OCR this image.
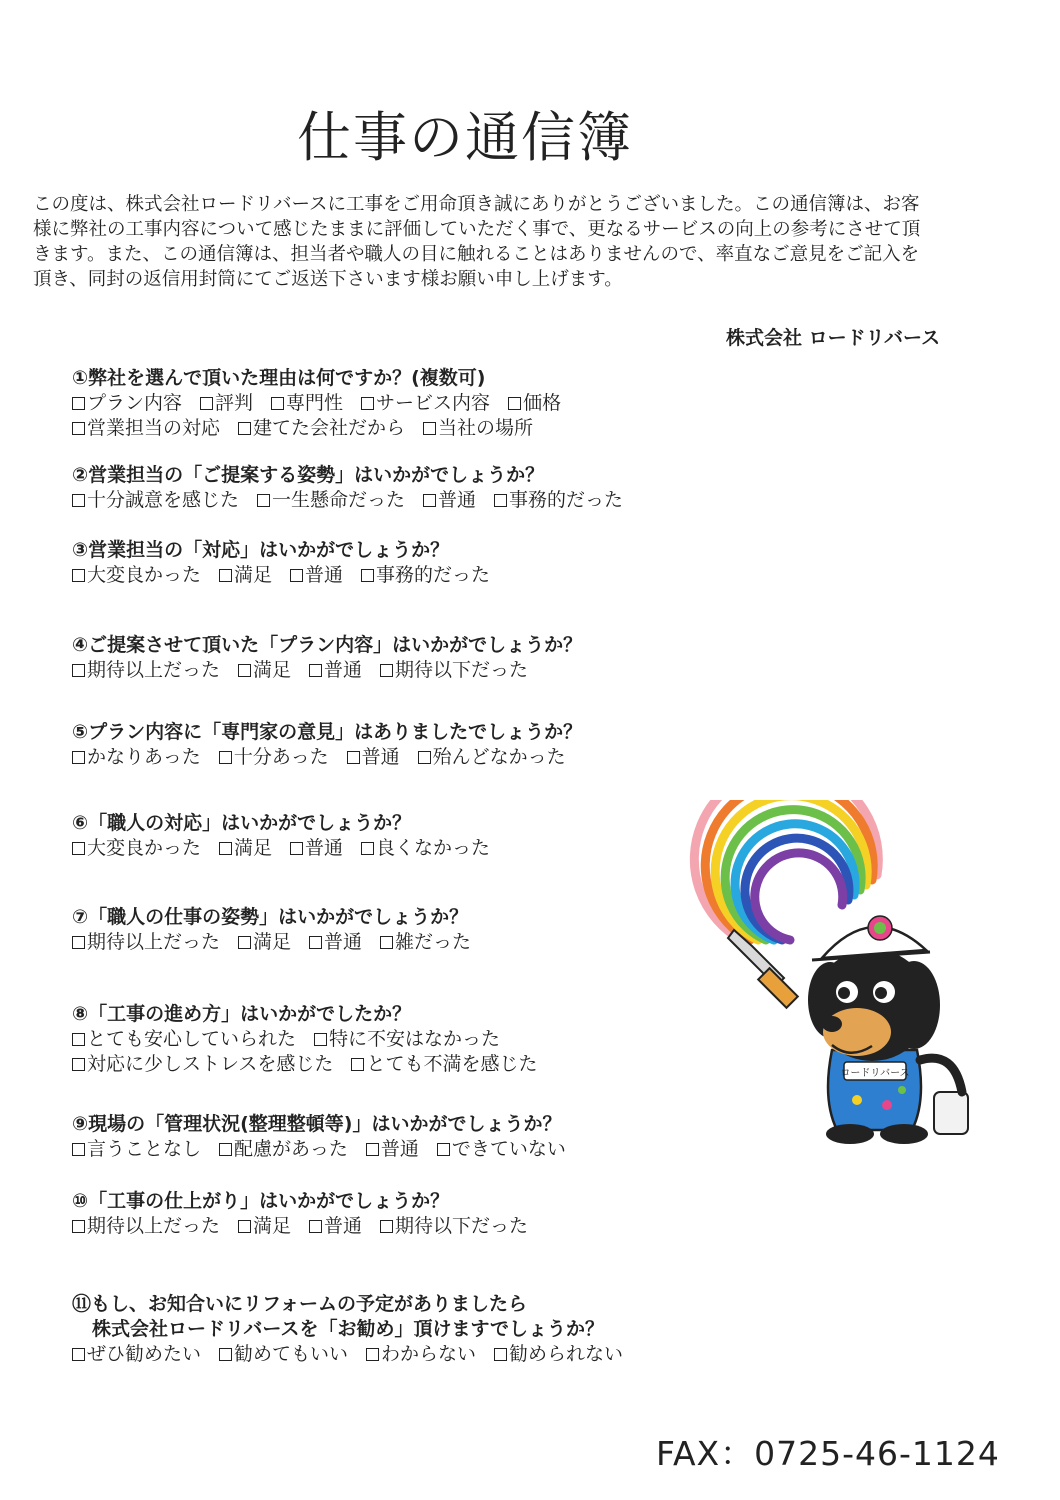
仕事の通信簿

この度は、株式会社ロードリバースに工事をご用命頂き誠にありがとうございました。この通信簿は、お客

様に弊社の工事内容について感じたままに評価していただく事で、更なるサービスの向上の参考にさせて頂

きます。また、この通信簿は、担当者や職人の目に触れることはありませんので、率直なご意見をご記入を

頂き、同封の返信用封筒にてご返送下さいます様お願い申し上げます。

株式会社 ロードリバース
①弊社を選んで頂いた理由は何ですか？(複数可)
プラン内容 評判 専門性 サービス内容 価格
営業担当の対応 建てた会社だから 当社の場所
②営業担当の「ご提案する姿勢」はいかがでしょうか？
十分誠意を感じた 一生懸命だった 普通 事務的だった
③営業担当の「対応」はいかがでしょうか？
大変良かった 満足 普通 事務的だった
④ご提案させて頂いた「プラン内容」はいかがでしょうか？
期待以上だった 満足 普通 期待以下だった
⑤プラン内容に「専門家の意見」はありましたでしょうか？
かなりあった 十分あった 普通 殆んどなかった
⑥「職人の対応」はいかがでしょうか？
大変良かった 満足 普通 良くなかった
⑦「職人の仕事の姿勢」はいかがでしょうか？
期待以上だった 満足 普通 雑だった
⑧「工事の進め方」はいかがでしたか？
とても安心していられた 特に不安はなかった
対応に少しストレスを感じた とても不満を感じた
⑨現場の「管理状況(整理整頓等)」はいかがでしょうか？
言うことなし 配慮があった 普通 できていない
⑩「工事の仕上がり」はいかがでしょうか？
期待以上だった 満足 普通 期待以下だった
⑪もし、お知合いにリフォームの予定がありましたら
株式会社ロードリバースを「お勧め」頂けますでしょうか？
ぜひ勧めたい 勧めてもいい わからない 勧められない
ロードリバース
FAX：0725-46-1124
